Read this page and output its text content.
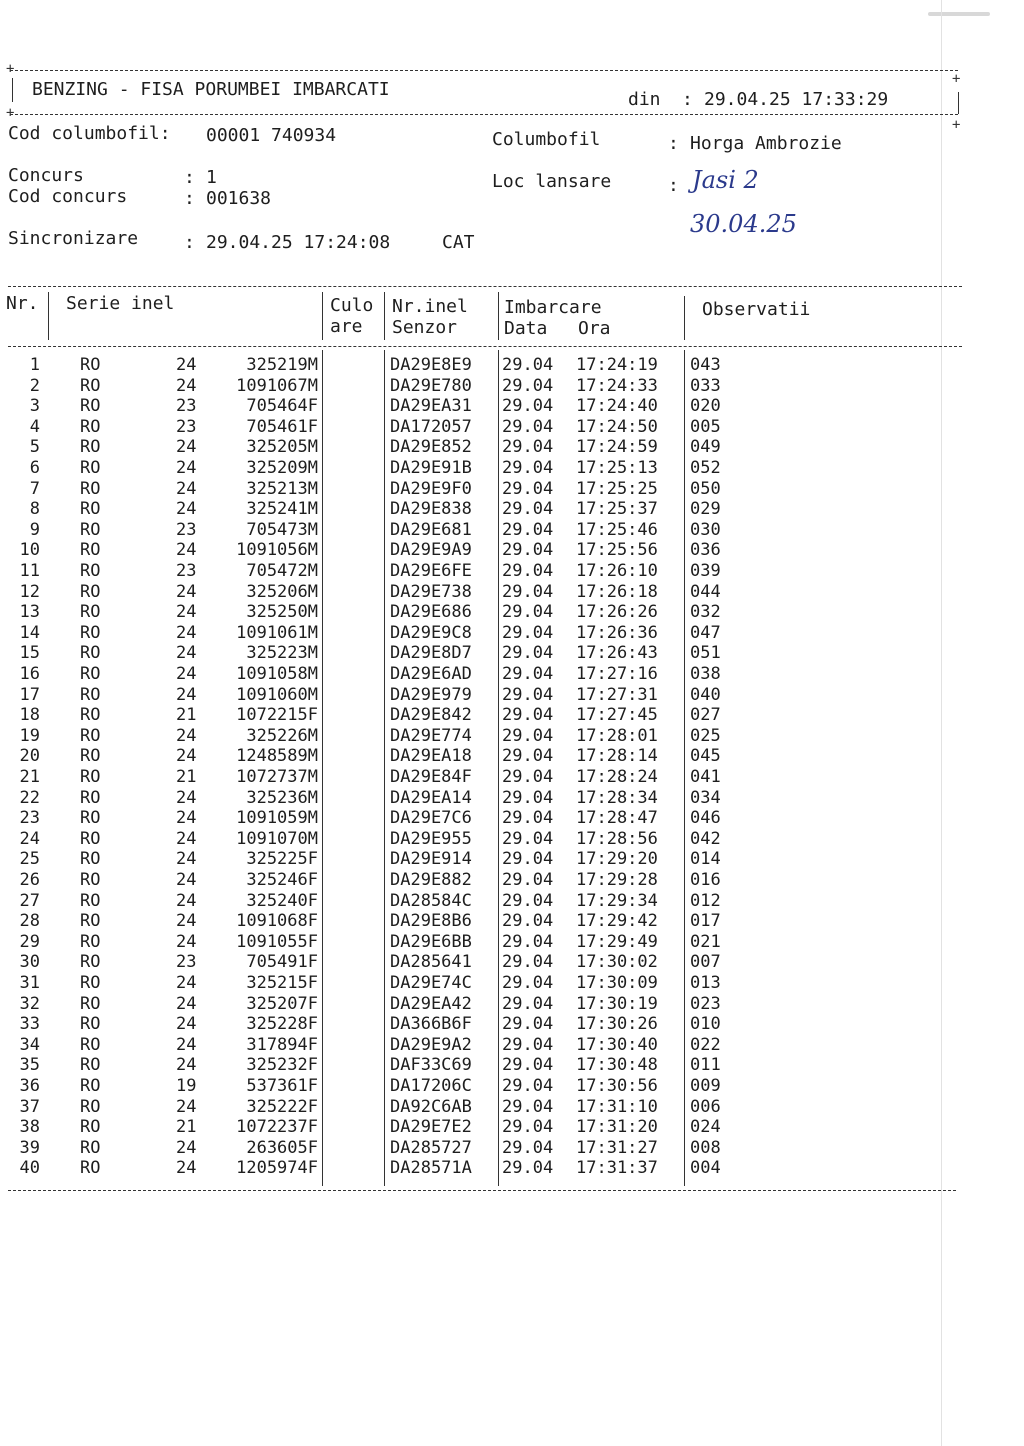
+
+
BENZING - FISA PORUMBEI IMBARCATI	din : 29.04.25 17:33:29
+
+
Cod columbofil: 00001 740934	Columbofil	: Horga Ambrozie
Concurs	: 1
Cod concurs	: 001638
Loc lansare	: Jasi 2
30.04.25
Sincronizare	: 29.04.25 17:24:08	CAT
Nr. Serie inel	Culo
are
Nr.inel
Senzor
Imbarcare
Data Ora
Observatii
1 RO	24	325219M	DA29E8E9	29.04	17:24:19	043
2 RO	24	1091067M	DA29E780	29.04	17:24:33	033
3 RO	23	705464F	DA29EA31	29.04	17:24:40	020
4 RO	23	705461F	DA172057	29.04	17:24:50	005
5 RO	24	325205M	DA29E852	29.04	17:24:59	049
6 RO	24	325209M	DA29E91B	29.04	17:25:13	052
7 RO	24	325213M	DA29E9F0	29.04	17:25:25	050
8 RO	24	325241M	DA29E838	29.04	17:25:37	029
9 RO	23	705473M	DA29E681	29.04	17:25:46	030
10 RO	24	1091056M	DA29E9A9	29.04	17:25:56	036
11 RO	23	705472M	DA29E6FE	29.04	17:26:10	039
12 RO	24	325206M	DA29E738	29.04	17:26:18	044
13 RO	24	325250M	DA29E686	29.04	17:26:26	032
14 RO	24	1091061M	DA29E9C8	29.04	17:26:36	047
15 RO	24	325223M	DA29E8D7	29.04	17:26:43	051
16 RO	24	1091058M	DA29E6AD	29.04	17:27:16	038
17 RO	24	1091060M	DA29E979	29.04	17:27:31	040
18 RO	21	1072215F	DA29E842	29.04	17:27:45	027
19 RO	24	325226M	DA29E774	29.04	17:28:01	025
20 RO	24	1248589M	DA29EA18	29.04	17:28:14	045
21 RO	21	1072737M	DA29E84F	29.04	17:28:24	041
22 RO	24	325236M	DA29EA14	29.04	17:28:34	034
23 RO	24	1091059M	DA29E7C6	29.04	17:28:47	046
24 RO	24	1091070M	DA29E955	29.04	17:28:56	042
25 RO	24	325225F	DA29E914	29.04	17:29:20	014
26 RO	24	325246F	DA29E882	29.04	17:29:28	016
27 RO	24	325240F	DA28584C	29.04	17:29:34	012
28 RO	24	1091068F	DA29E8B6	29.04	17:29:42	017
29 RO	24	1091055F	DA29E6BB	29.04	17:29:49	021
30 RO	23	705491F	DA285641	29.04	17:30:02	007
31 RO	24	325215F	DA29E74C	29.04	17:30:09	013
32 RO	24	325207F	DA29EA42	29.04	17:30:19	023
33 RO	24	325228F	DA366B6F	29.04	17:30:26	010
34 RO	24	317894F	DA29E9A2	29.04	17:30:40	022
35 RO	24	325232F	DAF33C69	29.04	17:30:48	011
36 RO	19	537361F	DA17206C	29.04	17:30:56	009
37 RO	24	325222F	DA92C6AB	29.04	17:31:10	006
38 RO	21	1072237F	DA29E7E2	29.04	17:31:20	024
39 RO	24	263605F	DA285727	29.04	17:31:27	008
40 RO	24	1205974F	DA28571A	29.04	17:31:37	004
